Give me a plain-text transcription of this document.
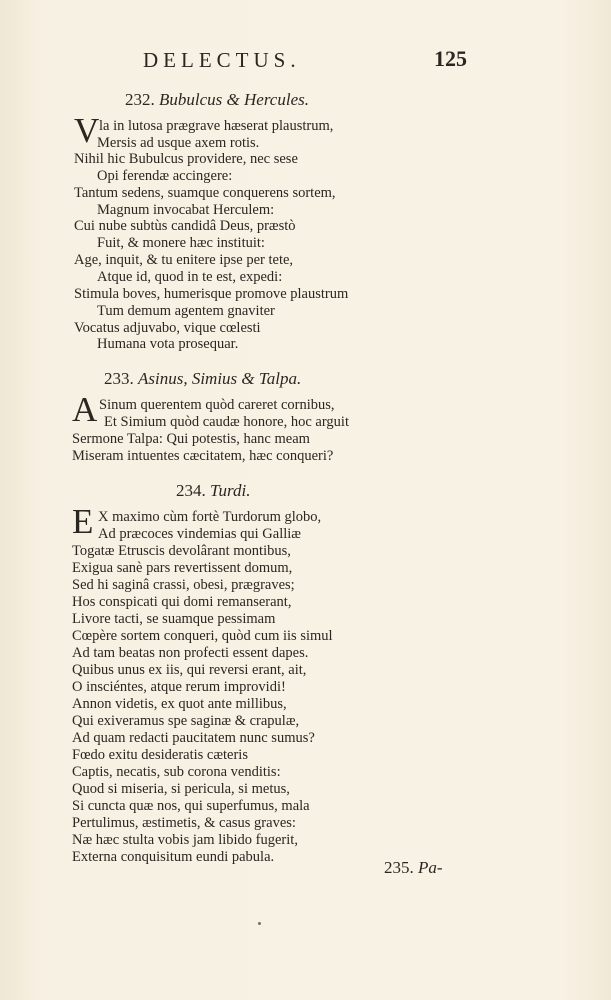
DELECTUS.	125
232. Bubulcus & Hercules.
V la in lutosa prægrave hæserat plaustrum,
Mersis ad usque axem rotis.
Nihil hic Bubulcus providere, nec sese
Opi ferendæ accingere:
Tantum sedens, suamque conquerens sortem,
Magnum invocabat Herculem:
Cui nube subtùs candidâ Deus, præstò
Fuit, & monere hæc instituit:
Age, inquit, & tu enitere ipse per tete,
Atque id, quod in te est, expedi:
Stimula boves, humerisque promove plaustrum
Tum demum agentem gnaviter
Vocatus adjuvabo, vique cœlesti
Humana vota prosequar.
233. Asinus, Simius & Talpa.
A Sinum querentem quòd careret cornibus,
Et Simium quòd caudæ honore, hoc arguit
Sermone Talpa: Qui potestis, hanc meam
Miseram intuentes cæcitatem, hæc conqueri?
234. Turdi.
E X maximo cùm fortè Turdorum globo,
Ad præcoces vindemias qui Galliæ
Togatæ Etruscis devolârant montibus,
Exigua sanè pars revertissent domum,
Sed hi saginâ crassi, obesi, prægraves;
Hos conspicati qui domi remanserant,
Livore tacti, se suamque pessimam
Cœpère sortem conqueri, quòd cum iis simul
Ad tam beatas non profecti essent dapes.
Quibus unus ex iis, qui reversi erant, ait,
O insciéntes, atque rerum improvidi!
Annon videtis, ex quot ante millibus,
Qui exiveramus spe saginæ & crapulæ,
Ad quam redacti paucitatem nunc sumus?
Fœdo exitu desideratis cæteris
Captis, necatis, sub corona venditis:
Quod si miseria, si pericula, si metus,
Si cuncta quæ nos, qui superfumus, mala
Pertulimus, æstimetis, & casus graves:
Næ hæc stulta vobis jam libido fugerit,
Externa conquisitum eundi pabula.
235. Pa-
